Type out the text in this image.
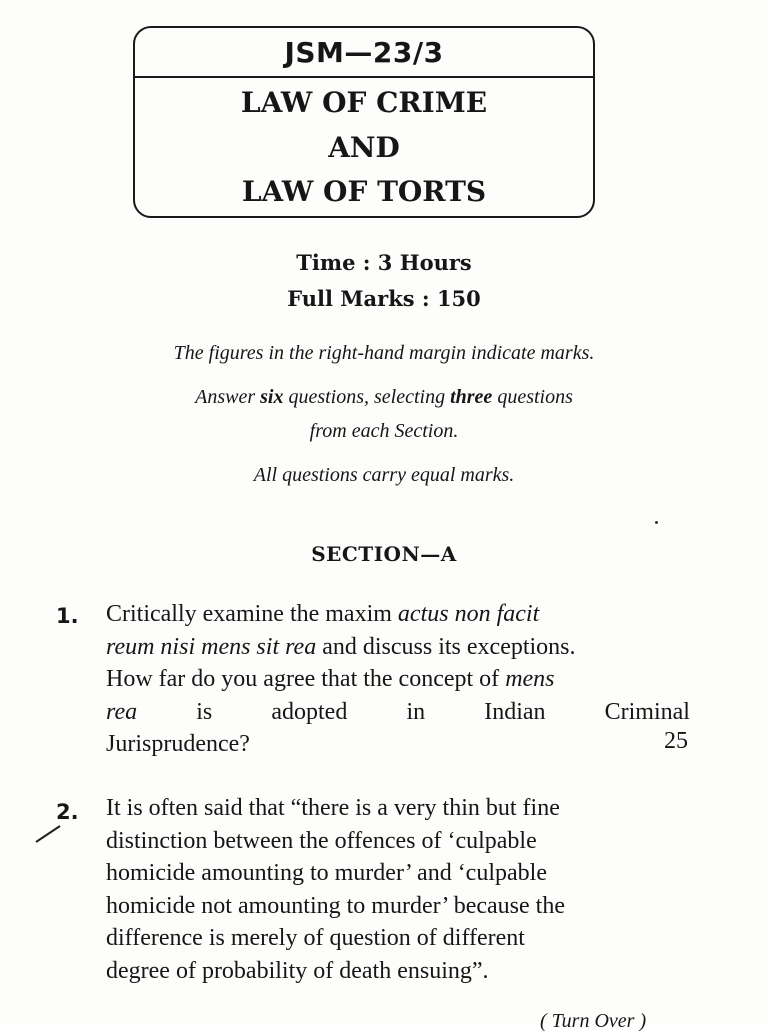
JSM—23/3
LAW OF CRIME
AND
LAW OF TORTS
Time : 3 Hours
Full Marks : 150
The figures in the right-hand margin indicate marks.
Answer six questions, selecting three questions
from each Section.
All questions carry equal marks.
SECTION—A
1. Critically examine the maxim actus non facit
reum nisi mens sit rea and discuss its exceptions.
How far do you agree that the concept of mens
rea is adopted in Indian Criminal
Jurisprudence?	25
2. It is often said that “there is a very thin but fine
distinction between the offences of ‘culpable
homicide amounting to murder’ and ‘culpable
homicide not amounting to murder’ because the
difference is merely of question of different
degree of probability of death ensuing”.
( Turn Over )
